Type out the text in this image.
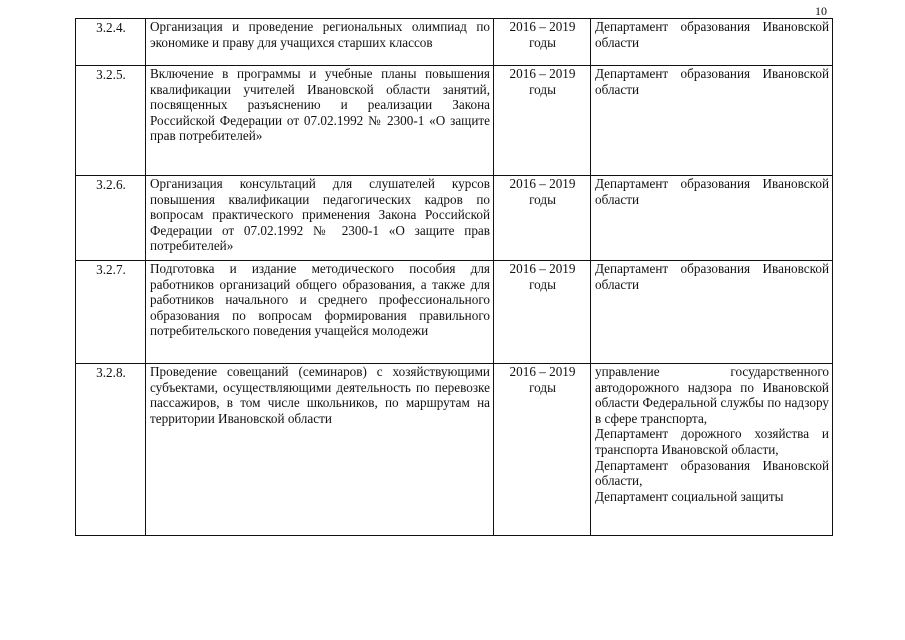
10
3.2.4.	Организация и проведение региональных олимпиад по экономике и праву для учащихся старших классов	2016 – 2019 годы	Департамент образования Ивановской области

3.2.5.	Включение в программы и учебные планы повышения квалификации учителей Ивановской области занятий, посвященных разъяснению и реализации Закона Российской Федерации от 07.02.1992 № 2300-1 «О защите прав потребителей»	2016 – 2019 годы	Департамент образования Ивановской области

3.2.6.	Организация консультаций для слушателей курсов повышения квалификации педагогических кадров по вопросам практического применения Закона Российской Федерации от 07.02.1992 № 2300-1 «О защите прав потребителей»	2016 – 2019 годы	Департамент образования Ивановской области

3.2.7.	Подготовка и издание методического пособия для работников организаций общего образования, а также для работников начального и среднего профессионального образования по вопросам формирования правильного потребительского поведения учащейся молодежи	2016 – 2019 годы	Департамент образования Ивановской области

3.2.8.	Проведение совещаний (семинаров) с хозяйствующими субъектами, осуществляющими деятельность по перевозке пассажиров, в том числе школьников, по маршрутам на территории Ивановской области	2016 – 2019 годы	управление государственного автодорожного надзора по Ивановской области Федеральной службы по надзору в сфере транспорта,
Департамент дорожного хозяйства и транспорта Ивановской области,
Департамент образования Ивановской области,
Департамент социальной защиты
